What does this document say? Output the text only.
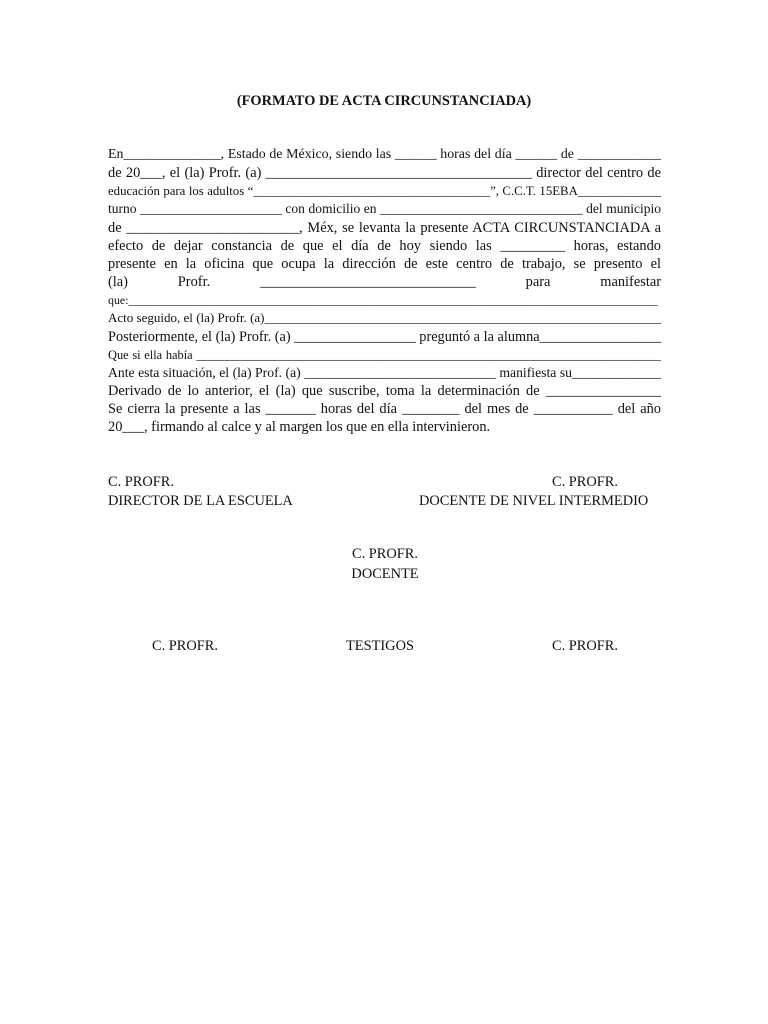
(FORMATO DE ACTA CIRCUNSTANCIADA)
En______________, Estado de México, siendo las ______ horas del día ______ de ____________
de 20___, el (la) Profr. (a) _____________________________________ director del centro de
educación para los adultos “_____________________________________”, C.C.T. 15EBA_____________
turno _____________________ con domicilio en ______________________________ del municipio
de ________________________, Méx, se levanta la presente ACTA CIRCUNSTANCIADA a
efecto de dejar constancia de que el día de hoy siendo las _________ horas, estando
presente en la oficina que ocupa la dirección de este centro de trabajo, se presento el
(la) Profr. ______________________________ para manifestar
que:_________________________________________________________________________________________
Acto seguido, el (la) Profr. (a)_____________________________________________________________
Posteriormente, el (la) Profr. (a) _________________ preguntó a la alumna_________________
Que si ella había ___________________________________________________________________________
Ante esta situación, el (la) Prof. (a) ____________________________ manifiesta su_____________
Derivado de lo anterior, el (la) que suscribe, toma la determinación de ________________
Se cierra la presente a las _______ horas del día ________ del mes de ___________ del año
20___, firmando al calce y al margen los que en ella intervinieron.

C. PROFR.

DIRECTOR DE LA ESCUELA

C. PROFR.

DOCENTE DE NIVEL INTERMEDIO

C. PROFR.

DOCENTE

C. PROFR.	TESTIGOS	C. PROFR.
